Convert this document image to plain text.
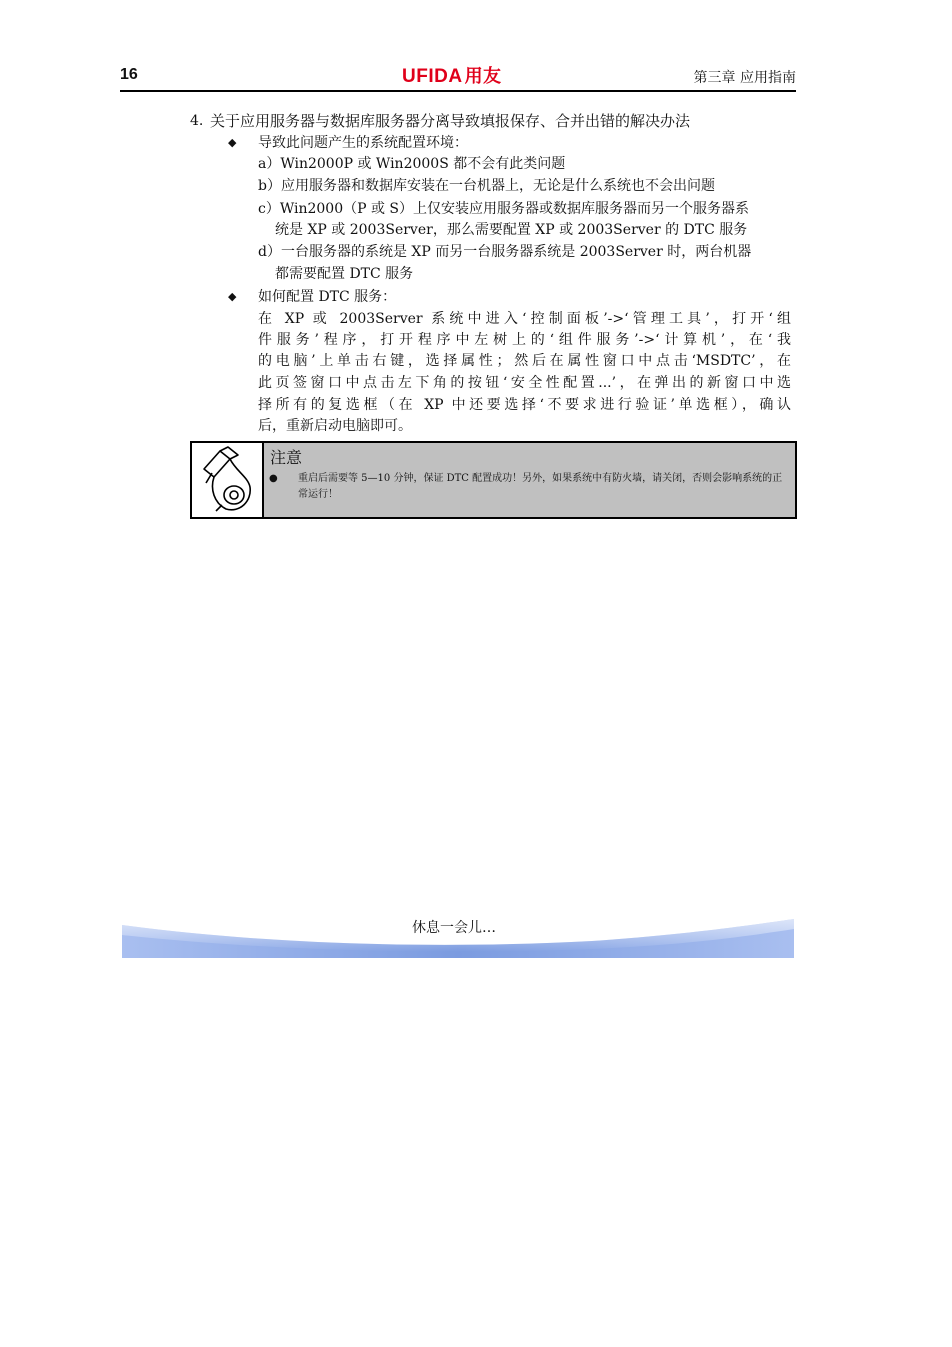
16	UFIDA 用友	第三章 应用指南
4. 关于应用服务器与数据库服务器分离导致填报保存、合并出错的解决办法
◆ 导致此问题产生的系统配置环境：
a）Win2000P 或 Win2000S 都不会有此类问题
b）应用服务器和数据库安装在一台机器上，无论是什么系统也不会出问题
c）Win2000（P 或 S）上仅安装应用服务器或数据库服务器而另一个服务器系
统是 XP 或 2003Server，那么需要配置 XP 或 2003Server 的 DTC 服务
d）一台服务器的系统是 XP 而另一台服务器系统是 2003Server 时，两台机器
都需要配置 DTC 服务
◆ 如何配置 DTC 服务：
在 XP 或 2003Server 系统中进入‘控制面板’->‘管理工具’，打开‘组
件服务’程序，打开程序中左树上的‘组件服务’->‘计算机’，在‘我
的电脑’上单击右键，选择属性；然后在属性窗口中点击‘MSDTC’，在
此页签窗口中点击左下角的按钮‘安全性配置...’，在弹出的新窗口中选
择所有的复选框（在 XP 中还要选择‘不要求进行验证’单选框），确认
后，重新启动电脑即可。
注意
● 重启后需要等 5—10 分钟，保证 DTC 配置成功！另外，如果系统中有防火墙，请关闭，否则会影响系统的正常运行！
休息一会儿…
